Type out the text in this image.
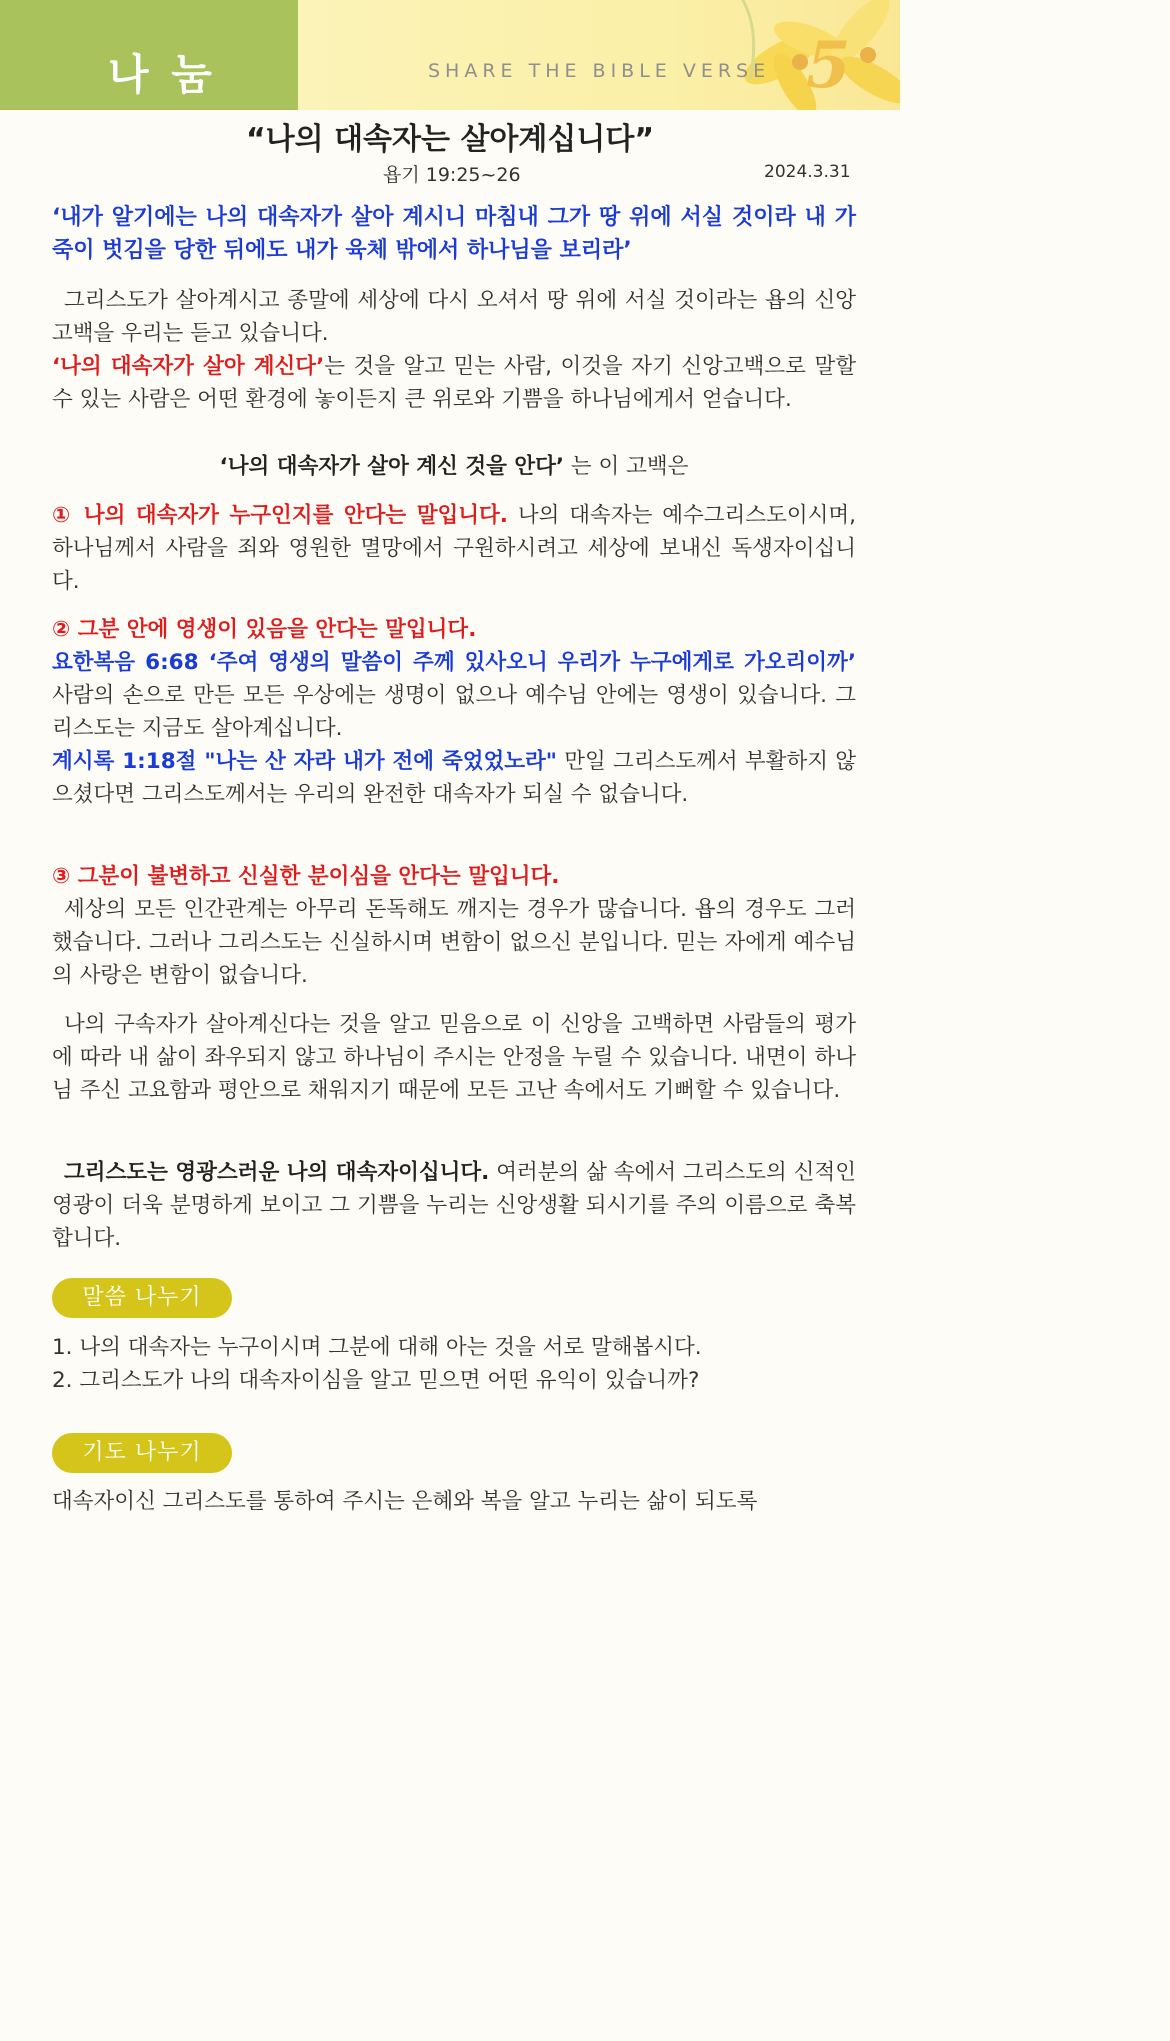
나 눔	SHARE THE BIBLE VERSE 5
“나의 대속자는 살아계십니다”
욥기 19:25~26	2024.3.31
‘내가 알기에는 나의 대속자가 살아 계시니 마침내 그가 땅 위에 서실 것이라 내 가죽이 벗김을 당한 뒤에도 내가 육체 밖에서 하나님을 보리라’
그리스도가 살아계시고 종말에 세상에 다시 오셔서 땅 위에 서실 것이라는 욥의 신앙고백을 우리는 듣고 있습니다.
‘나의 대속자가 살아 계신다’는 것을 알고 믿는 사람, 이것을 자기 신앙고백으로 말할 수 있는 사람은 어떤 환경에 놓이든지 큰 위로와 기쁨을 하나님에게서 얻습니다.
‘나의 대속자가 살아 계신 것을 안다’ 는 이 고백은
① 나의 대속자가 누구인지를 안다는 말입니다. 나의 대속자는 예수그리스도이시며, 하나님께서 사람을 죄와 영원한 멸망에서 구원하시려고 세상에 보내신 독생자이십니다.
② 그분 안에 영생이 있음을 안다는 말입니다.
요한복음 6:68 ‘주여 영생의 말씀이 주께 있사오니 우리가 누구에게로 가오리이까’ 사람의 손으로 만든 모든 우상에는 생명이 없으나 예수님 안에는 영생이 있습니다. 그리스도는 지금도 살아계십니다.
계시록 1:18절 "나는 산 자라 내가 전에 죽었었노라" 만일 그리스도께서 부활하지 않으셨다면 그리스도께서는 우리의 완전한 대속자가 되실 수 없습니다.
③ 그분이 불변하고 신실한 분이심을 안다는 말입니다.
세상의 모든 인간관계는 아무리 돈독해도 깨지는 경우가 많습니다. 욥의 경우도 그러했습니다. 그러나 그리스도는 신실하시며 변함이 없으신 분입니다. 믿는 자에게 예수님의 사랑은 변함이 없습니다.
나의 구속자가 살아계신다는 것을 알고 믿음으로 이 신앙을 고백하면 사람들의 평가에 따라 내 삶이 좌우되지 않고 하나님이 주시는 안정을 누릴 수 있습니다. 내면이 하나님 주신 고요함과 평안으로 채워지기 때문에 모든 고난 속에서도 기뻐할 수 있습니다.
그리스도는 영광스러운 나의 대속자이십니다. 여러분의 삶 속에서 그리스도의 신적인 영광이 더욱 분명하게 보이고 그 기쁨을 누리는 신앙생활 되시기를 주의 이름으로 축복합니다.
말씀 나누기
1. 나의 대속자는 누구이시며 그분에 대해 아는 것을 서로 말해봅시다.
2. 그리스도가 나의 대속자이심을 알고 믿으면 어떤 유익이 있습니까?
기도 나누기
대속자이신 그리스도를 통하여 주시는 은혜와 복을 알고 누리는 삶이 되도록
